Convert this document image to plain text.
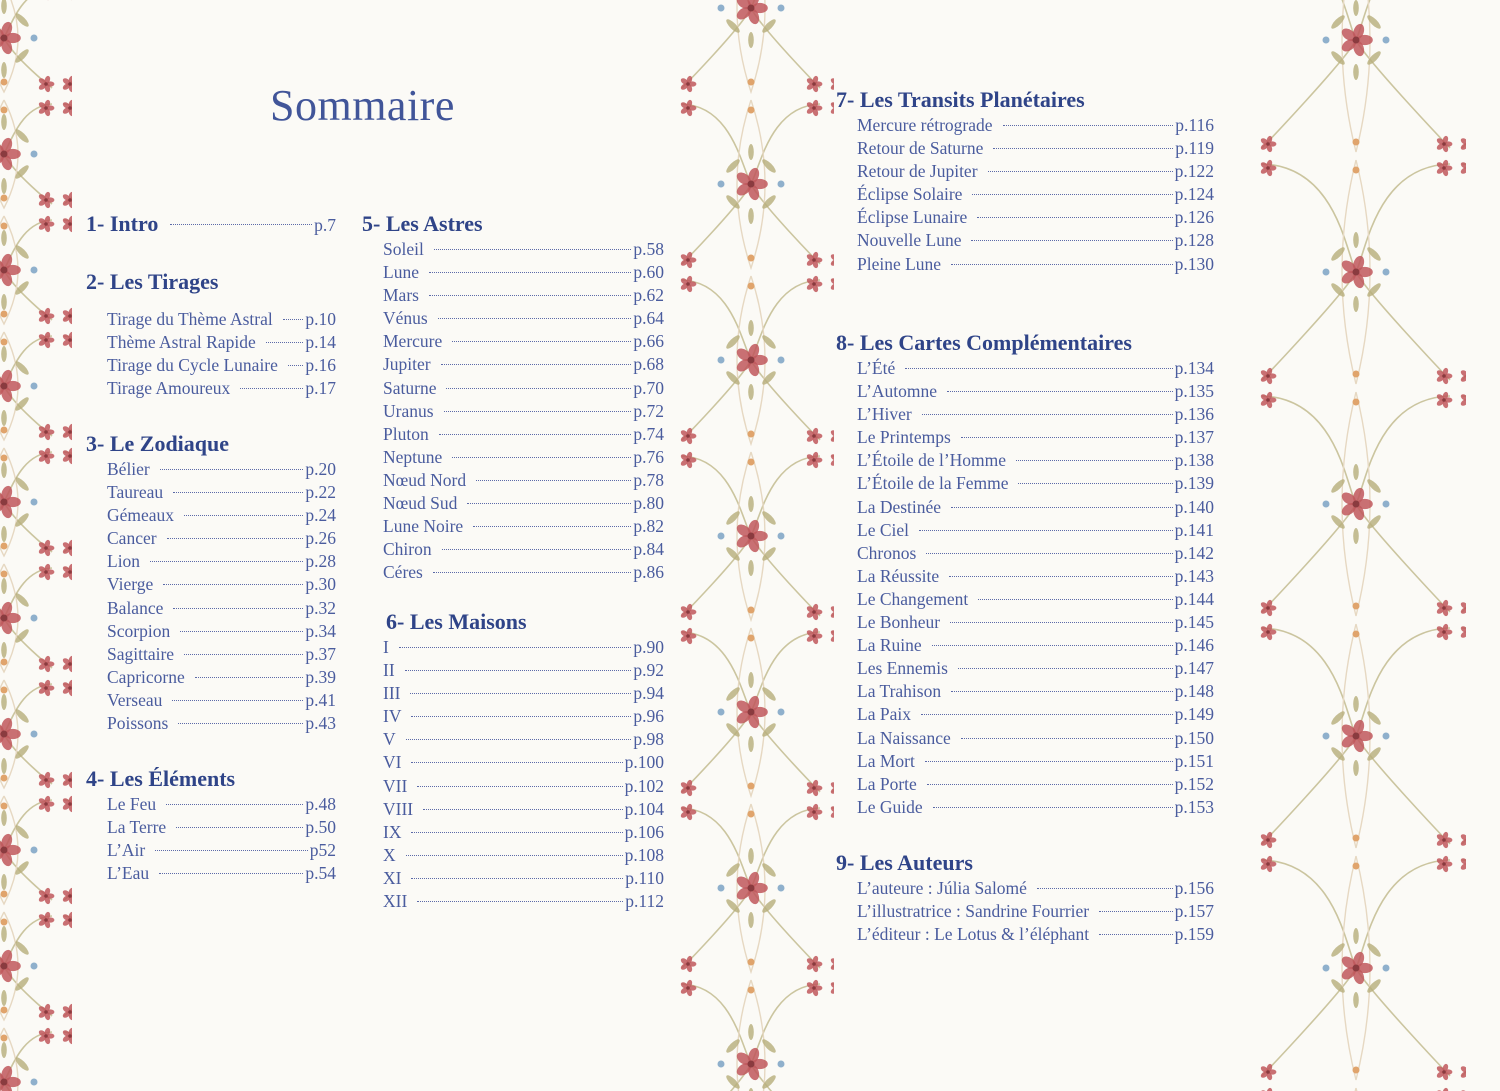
Sommaire
1- Intro	p.7
2- Les Tirages
Tirage du Thème Astral p.10
Thème Astral Rapide	p.14
Tirage du Cycle Lunaire p.16
Tirage Amoureux	p.17
3- Le Zodiaque
Bélier	p.20
Taureau	p.22
Gémeaux	p.24
Cancer	p.26
Lion	p.28
Vierge	p.30
Balance	p.32
Scorpion	p.34
Sagittaire	p.37
Capricorne	p.39
Verseau	p.41
Poissons	p.43
4- Les Éléments
Le Feu	p.48
La Terre	p.50
L’Air	p52
L’Eau	p.54
5- Les Astres
Soleil	p.58
Lune	p.60
Mars	p.62
Vénus	p.64
Mercure	p.66
Jupiter	p.68
Saturne	p.70
Uranus	p.72
Pluton	p.74
Neptune	p.76
Nœud Nord	p.78
Nœud Sud	p.80
Lune Noire	p.82
Chiron	p.84
Céres	p.86
6- Les Maisons
I	p.90
II	p.92
III	p.94
IV	p.96
V	p.98
VI	p.100
VII	p.102
VIII	p.104
IX	p.106
X	p.108
XI	p.110
XII	p.112
7- Les Transits Planétaires
Mercure rétrograde	p.116
Retour de Saturne	p.119
Retour de Jupiter	p.122
Éclipse Solaire	p.124
Éclipse Lunaire	p.126
Nouvelle Lune	p.128
Pleine Lune	p.130
8- Les Cartes Complémentaires
L’Été	p.134
L’Automne	p.135
L’Hiver	p.136
Le Printemps	p.137
L’Étoile de l’Homme	p.138
L’Étoile de la Femme	p.139
La Destinée	p.140
Le Ciel	p.141
Chronos	p.142
La Réussite	p.143
Le Changement	p.144
Le Bonheur	p.145
La Ruine	p.146
Les Ennemis	p.147
La Trahison	p.148
La Paix	p.149
La Naissance	p.150
La Mort	p.151
La Porte	p.152
Le Guide	p.153
9- Les Auteurs
L’auteure : Júlia Salomé	p.156
L’illustratrice : Sandrine Fourrier	p.157
L’éditeur : Le Lotus & l’éléphant	p.159
